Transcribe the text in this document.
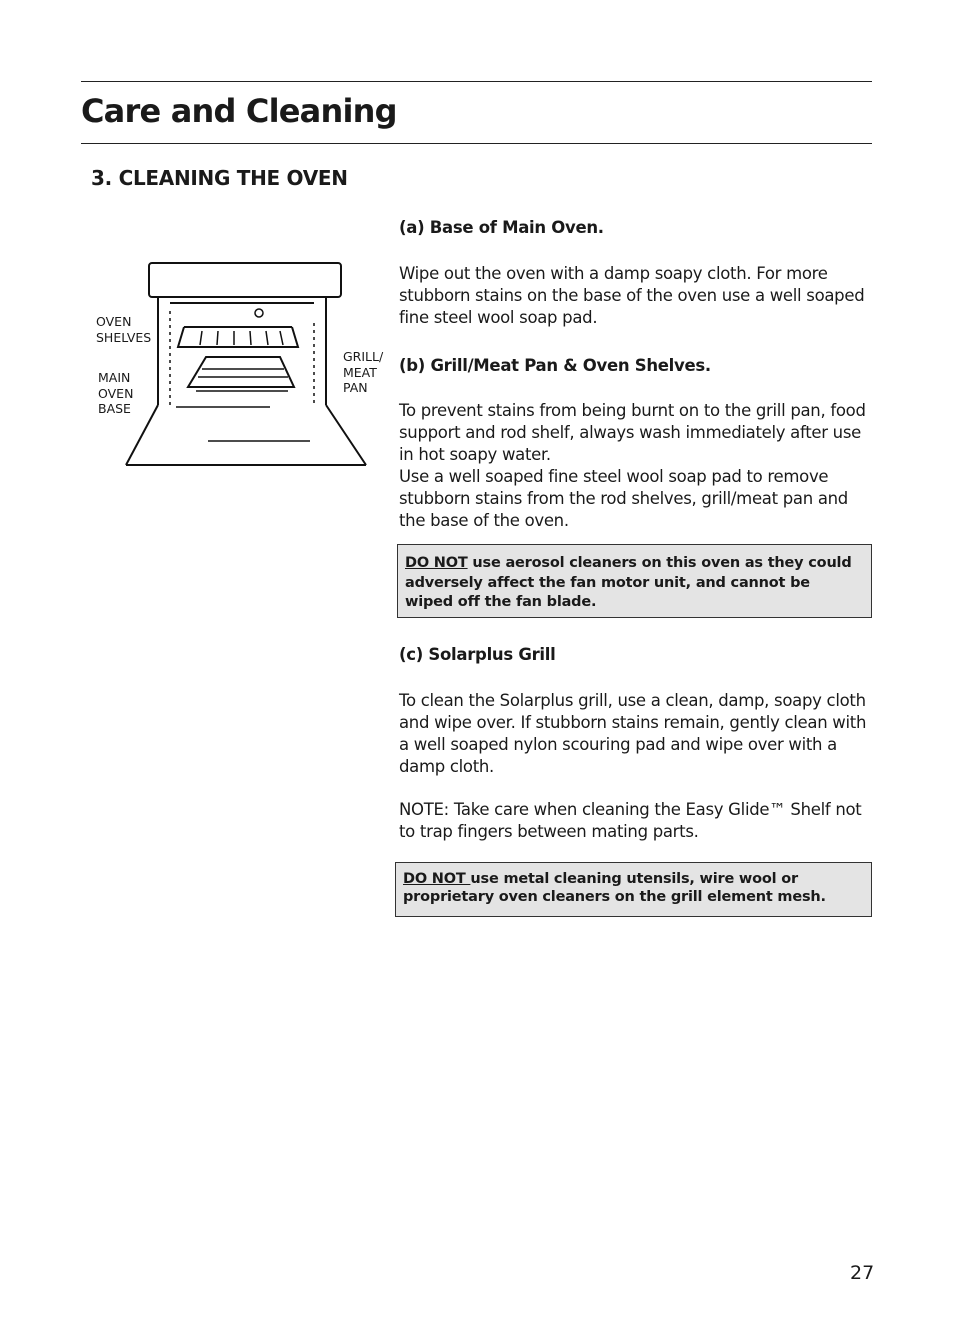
Care and Cleaning
3. CLEANING THE OVEN
OVEN
SHELVES
MAIN
OVEN
BASE
GRILL/
MEAT
PAN

(a) Base of Main Oven.

Wipe out the oven with a damp soapy cloth. For more stubborn stains on the base of the oven use a well soaped fine steel wool soap pad.

(b) Grill/Meat Pan & Oven Shelves.

To prevent stains from being burnt on to the grill pan, food support and rod shelf, always wash immediately after use in hot soapy water.

Use a well soaped fine steel wool soap pad to remove stubborn stains from the rod shelves, grill/meat pan and the base of the oven.

DO NOT use aerosol cleaners on this oven as they could adversely affect the fan motor unit, and cannot be wiped off the fan blade.

(c) Solarplus Grill

To clean the Solarplus grill, use a clean, damp, soapy cloth and wipe over. If stubborn stains remain, gently clean with a well soaped nylon scouring pad and wipe over with a damp cloth.

NOTE: Take care when cleaning the Easy Glide™ Shelf not to trap fingers between mating parts.

DO NOT use metal cleaning utensils, wire wool or proprietary oven cleaners on the grill element mesh.
27
